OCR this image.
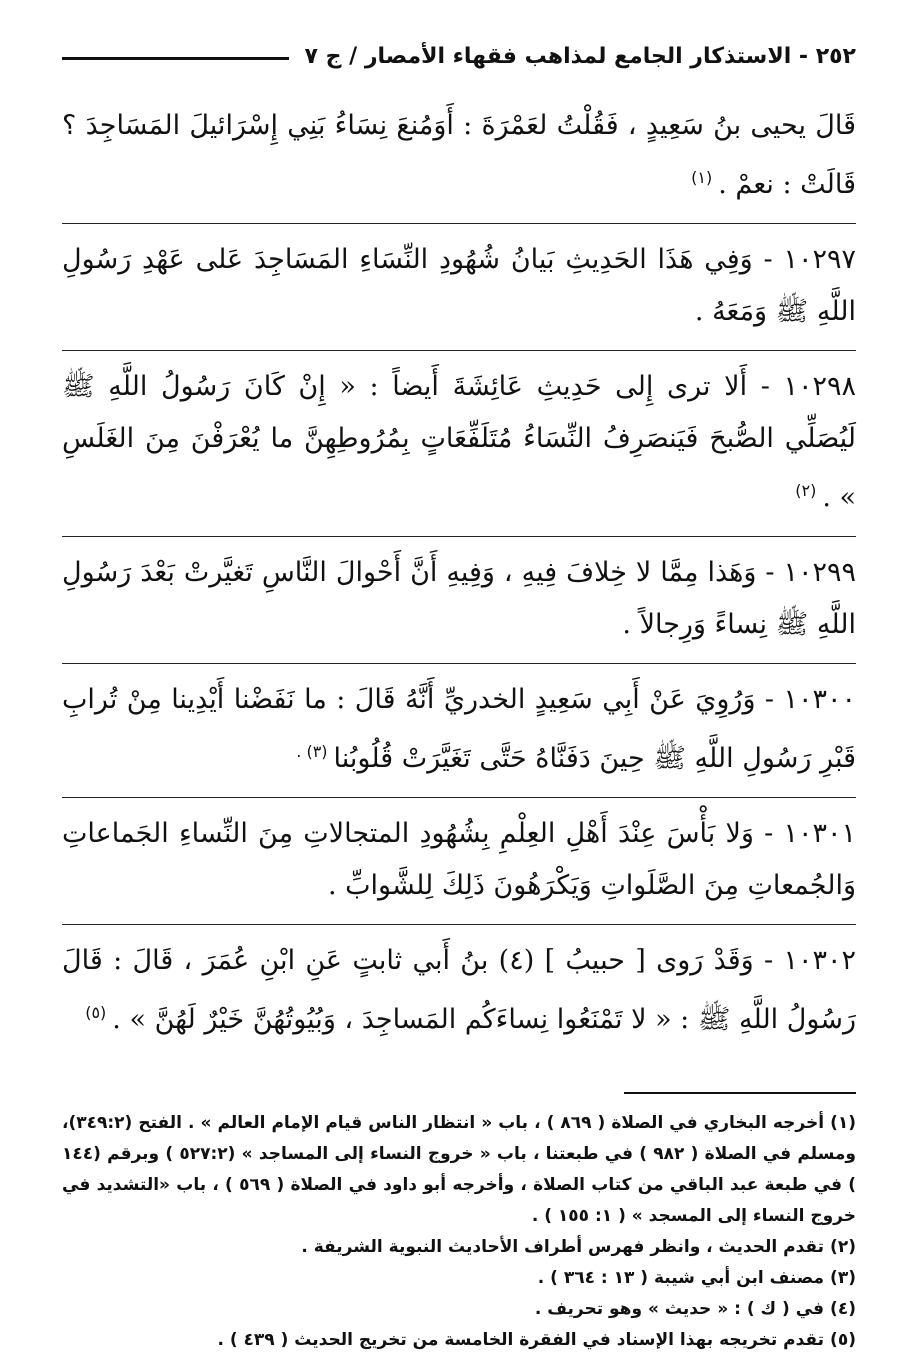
٢٥٢ - الاستذكار الجامع لمذاهب فقهاء الأمصار / ج ٧

قَالَ يحيى بنُ سَعِيدٍ ، فَقُلْتُ لعَمْرَةَ : أَوَمُنعَ نِسَاءُ بَنِي إِسْرَائيلَ المَسَاجِدَ ؟ قَالَتْ : نعمْ .$^{(١)}$

١٠٢٩٧ - وَفِي هَذَا الحَدِيثِ بَيانُ شُهُودِ النِّسَاءِ المَسَاجِدَ عَلى عَهْدِ رَسُولِ اللَّهِ ﷺ وَمَعَهُ .

١٠٢٩٨ - أَلا ترى إِلى حَدِيثِ عَائِشَةَ أَيضاً : « إِنْ كَانَ رَسُولُ اللَّهِ ﷺ لَيُصَلِّي الصُّبحَ فَيَنصَرِفُ النِّسَاءُ مُتَلَفِّعَاتٍ بِمُرُوطِهِنَّ ما يُعْرَفْنَ مِنَ الغَلَسِ » .$^{(٢)}$

١٠٢٩٩ - وَهَذا مِمَّا لا خِلافَ فِيهِ ، وَفِيهِ أَنَّ أَحْوالَ النَّاسِ تَغيَّرتْ بَعْدَ رَسُولِ اللَّهِ ﷺ نِساءً وَرِجالاً .

١٠٣٠٠ - وَرُوِيَ عَنْ أَبِي سَعِيدٍ الخدريِّ أَنَّهُ قَالَ : ما نَفَضْنا أَيْدِينا مِنْ تُرابِ قَبْرِ رَسُولِ اللَّهِ ﷺ حِينَ دَفَنَّاهُ حَتَّى تَغَيَّرَتْ قُلُوبُنا$^{(٣) .}$

١٠٣٠١ - وَلا بَأْسَ عِنْدَ أَهْلِ العِلْمِ بِشُهُودِ المتجالاتِ مِنَ النِّساءِ الجَماعاتِ وَالجُمعاتِ مِنَ الصَّلَواتِ وَيَكْرَهُونَ ذَلِكَ لِلشَّوابِّ .

١٠٣٠٢ - وَقَدْ رَوى [ حبيبُ ] (٤) بنُ أَبي ثابتٍ عَنِ ابْنِ عُمَرَ ، قَالَ : قَالَ رَسُولُ اللَّهِ ﷺ : « لا تَمْنَعُوا نِساءَكُم المَساجِدَ ، وَبُيُوتُهُنَّ خَيْرٌ لَهُنَّ » .$^{(٥)}$

(١)أخرجه البخاري في الصلاة ( ٨٦٩ ) ، باب « انتظار الناس قيام الإمام العالم » . الفتح (٣٤٩:٢)، ومسلم في الصلاة ( ٩٨٢ ) في طبعتنا ، باب « خروج النساء إلى المساجد » (٥٢٧:٢ ) وبرقم (١٤٤ ) في طبعة عبد الباقي من كتاب الصلاة ، وأخرجه أبو داود في الصلاة ( ٥٦٩ ) ، باب «التشديد في خروج النساء إلى المسجد » ( ١: ١٥٥ ) .

(٢)تقدم الحديث ، وانظر فهرس أطراف الأحاديث النبوية الشريفة .

(٣)مصنف ابن أبي شيبة ( ١٣ : ٣٦٤ ) .

(٤)في ( ك ) : « حديث » وهو تحريف .

(٥)تقدم تخريجه بهذا الإسناد في الفقرة الخامسة من تخريج الحديث ( ٤٣٩ ) .
